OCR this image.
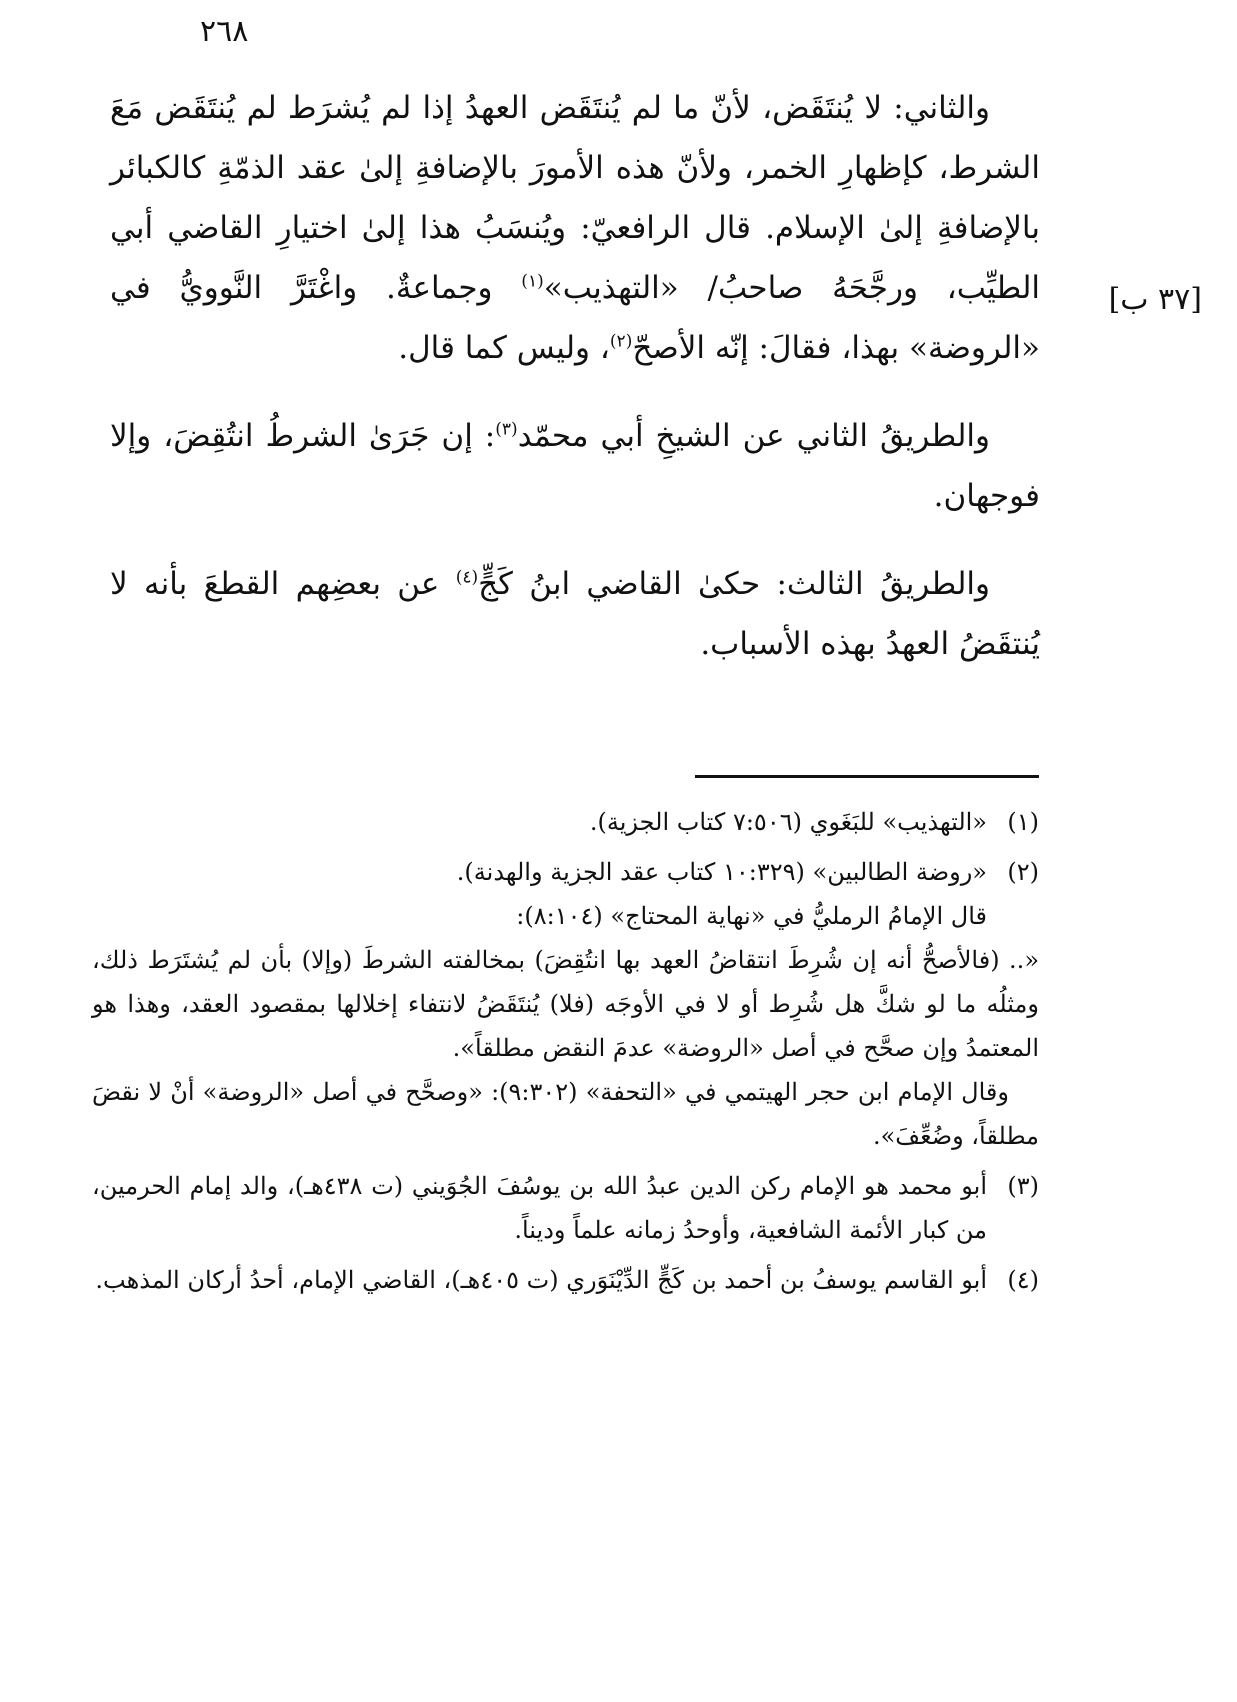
٢٦٨
[٣٧ ب]

والثاني: لا يُنتَقَض، لأنّ ما لم يُنتَقَض العهدُ إذا لم يُشرَط لم يُنتَقَض مَعَ الشرط، كإظهارِ الخمر، ولأنّ هذه الأمورَ بالإضافةِ إلىٰ عقد الذمّةِ كالكبائر بالإضافةِ إلىٰ الإسلام. قال الرافعيّ: ويُنسَبُ هذا إلىٰ اختيارِ القاضي أبي الطيِّب، ورجَّحَهُ صاحبُ/ «التهذيب»$^{(١)}$ وجماعةٌ. واغْتَرَّ النَّوويُّ في «الروضة» بهذا، فقالَ: إنّه الأصحّ$^{(٢)}$، وليس كما قال.

والطريقُ الثاني عن الشيخِ أبي محمّد$^{(٣)}$: إن جَرَىٰ الشرطُ انتُقِضَ، وإلا فوجهان.

والطريقُ الثالث: حكىٰ القاضي ابنُ كَجٍّ$^{(٤)}$ عن بعضِهم القطعَ بأنه لا يُنتقَضُ العهدُ بهذه الأسباب.

(١)
«التهذيب» للبَغَوي (٧:٥٠٦ كتاب الجزية).
(٢)
«روضة الطالبين» (١٠:٣٢٩ كتاب عقد الجزية والهدنة).
قال الإمامُ الرمليُّ في «نهاية المحتاج» (٨:١٠٤):

«.. (فالأصحُّ أنه إن شُرِطَ انتقاضُ العهد بها انتُقِضَ) بمخالفته الشرطَ (وإلا) بأن لم يُشتَرَط ذلك، ومثلُه ما لو شكَّ هل شُرِط أو لا في الأوجَه (فلا) يُنتَقَضُ لانتفاء إخلالها بمقصود العقد، وهذا هو المعتمدُ وإن صحَّح في أصل «الروضة» عدمَ النقض مطلقاً».

وقال الإمام ابن حجر الهيتمي في «التحفة» (٩:٣٠٢): «وصحَّح في أصل «الروضة» أنْ لا نقضَ مطلقاً، وضُعِّفَ».

(٣)
أبو محمد هو الإمام ركن الدين عبدُ الله بن يوسُفَ الجُوَيني (ت ٤٣٨هـ)، والد إمام الحرمين، من كبار الأئمة الشافعية، وأوحدُ زمانه علماً وديناً.
(٤)
أبو القاسم يوسفُ بن أحمد بن كَجٍّ الدِّيْنَوَري (ت ٤٠٥هـ)، القاضي الإمام، أحدُ أركان المذهب.
